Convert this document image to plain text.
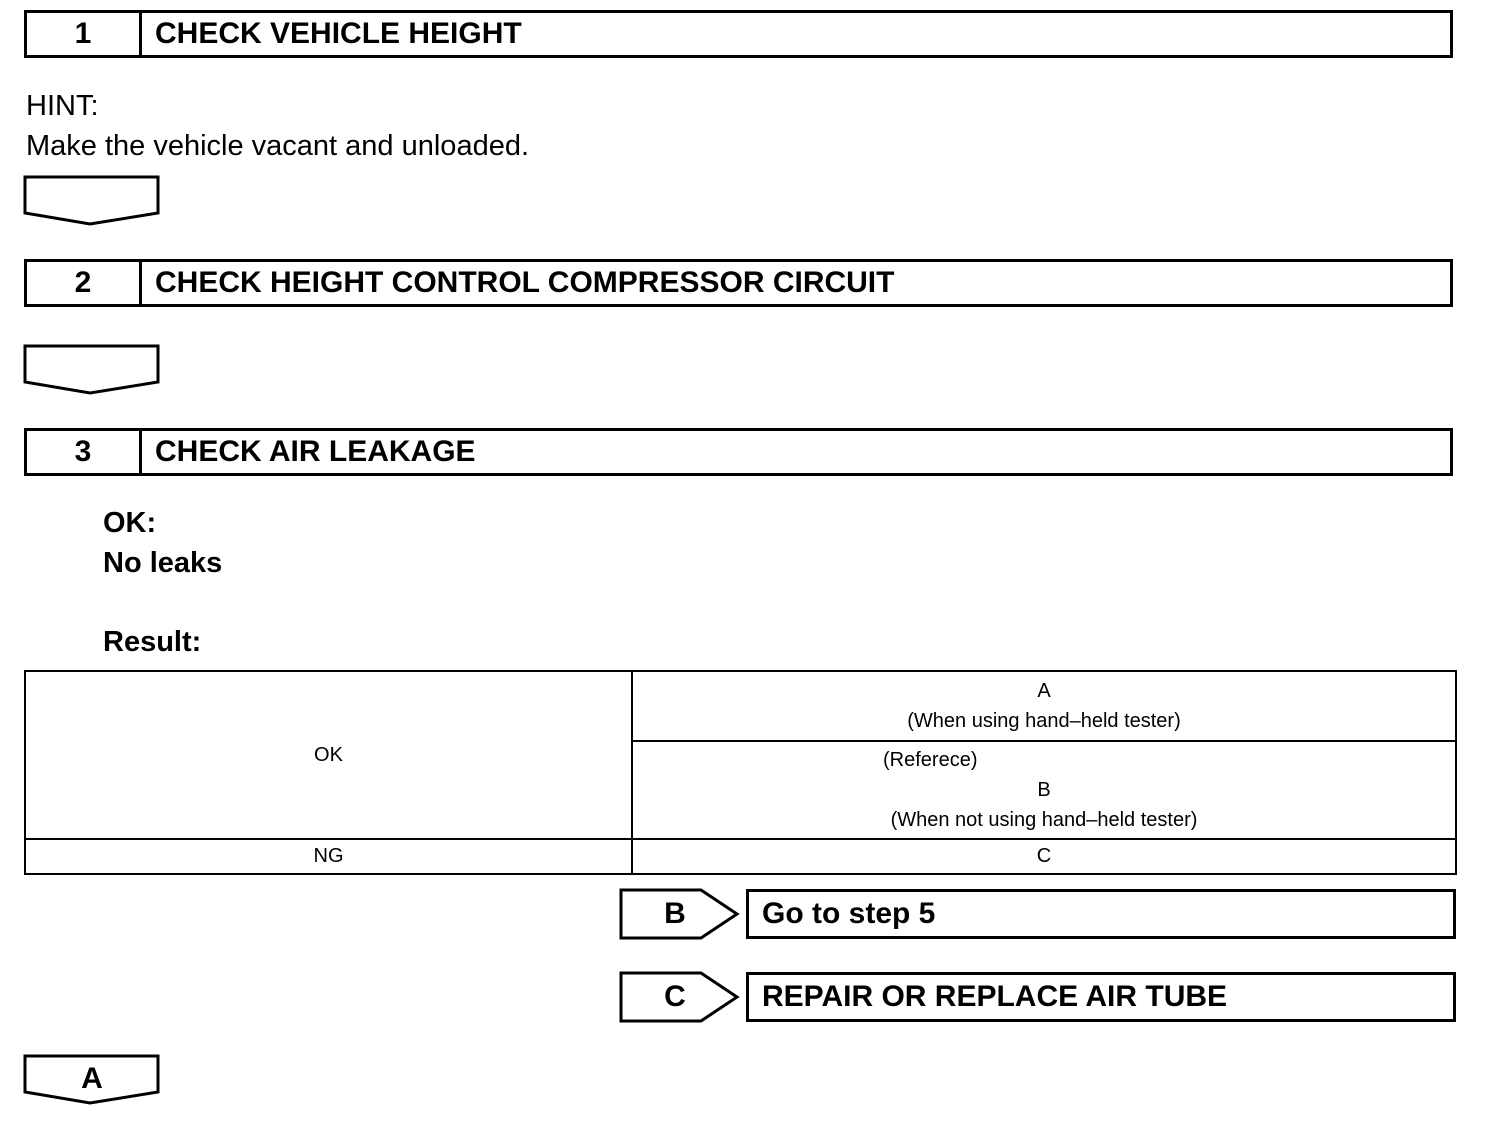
1	CHECK VEHICLE HEIGHT
HINT:
Make the vehicle vacant and unloaded.
2	CHECK HEIGHT CONTROL COMPRESSOR CIRCUIT
3	CHECK AIR LEAKAGE
OK:
No leaks
Result:
OK	A
(When using hand–held tester)

	(Referece)
B
(When not using hand–held tester)

NG	C
B	Go to step 5
C	REPAIR OR REPLACE AIR TUBE
A
